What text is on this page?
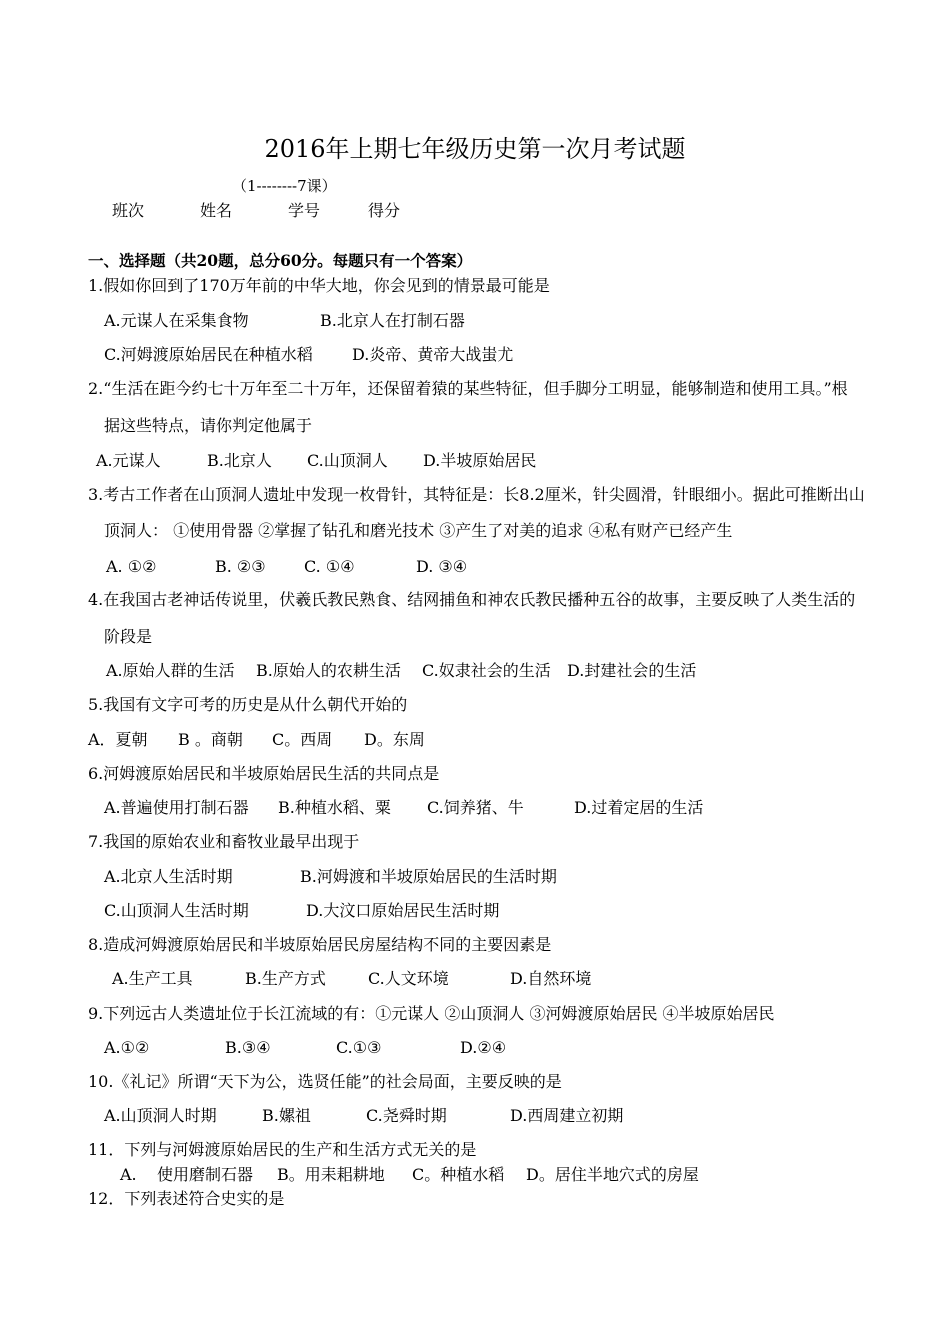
2016年上期七年级历史第一次月考试题
（1--------7课）
班次	姓名	学号	得分
一、选择题（共20题，总分60分。每题只有一个答案）
1.假如你回到了170万年前的中华大地，你会见到的情景最可能是
A.元谋人在采集食物	B.北京人在打制石器
C.河姆渡原始居民在种植水稻	D.炎帝、黄帝大战蚩尤
2.“生活在距今约七十万年至二十万年，还保留着猿的某些特征，但手脚分工明显，能够制造和使用工具。”根
据这些特点，请你判定他属于
A.元谋人	B.北京人	C.山顶洞人	D.半坡原始居民
3.考古工作者在山顶洞人遗址中发现一枚骨针，其特征是：长8.2厘米，针尖圆滑，针眼细小。据此可推断出山
顶洞人： ①使用骨器 ②掌握了钻孔和磨光技术 ③产生了对美的追求 ④私有财产已经产生
A. ①②	B. ②③	C. ①④	D. ③④
4.在我国古老神话传说里，伏羲氏教民熟食、结网捕鱼和神农氏教民播种五谷的故事，主要反映了人类生活的
阶段是
A.原始人群的生活	B.原始人的农耕生活	C.奴隶社会的生活	D.封建社会的生活
5.我国有文字可考的历史是从什么朝代开始的
A．夏朝	B 。商朝	C。西周	D。东周
6.河姆渡原始居民和半坡原始居民生活的共同点是
A.普遍使用打制石器	B.种植水稻、粟	C.饲养猪、牛	D.过着定居的生活
7.我国的原始农业和畜牧业最早出现于
A.北京人生活时期	B.河姆渡和半坡原始居民的生活时期
C.山顶洞人生活时期	D.大汶口原始居民生活时期
8.造成河姆渡原始居民和半坡原始居民房屋结构不同的主要因素是
A.生产工具	B.生产方式	C.人文环境	D.自然环境
9.下列远古人类遗址位于长江流域的有：①元谋人 ②山顶洞人 ③河姆渡原始居民 ④半坡原始居民
A.①②	B.③④	C.①③	D.②④
10.《礼记》所谓“天下为公，选贤任能”的社会局面，主要反映的是
A.山顶洞人时期	B.嫘祖	C.尧舜时期	D.西周建立初期
11．下列与河姆渡原始居民的生产和生活方式无关的是
A.    使用磨制石器	B。用耒耜耕地	C。种植水稻	D。居住半地穴式的房屋
12．下列表述符合史实的是
